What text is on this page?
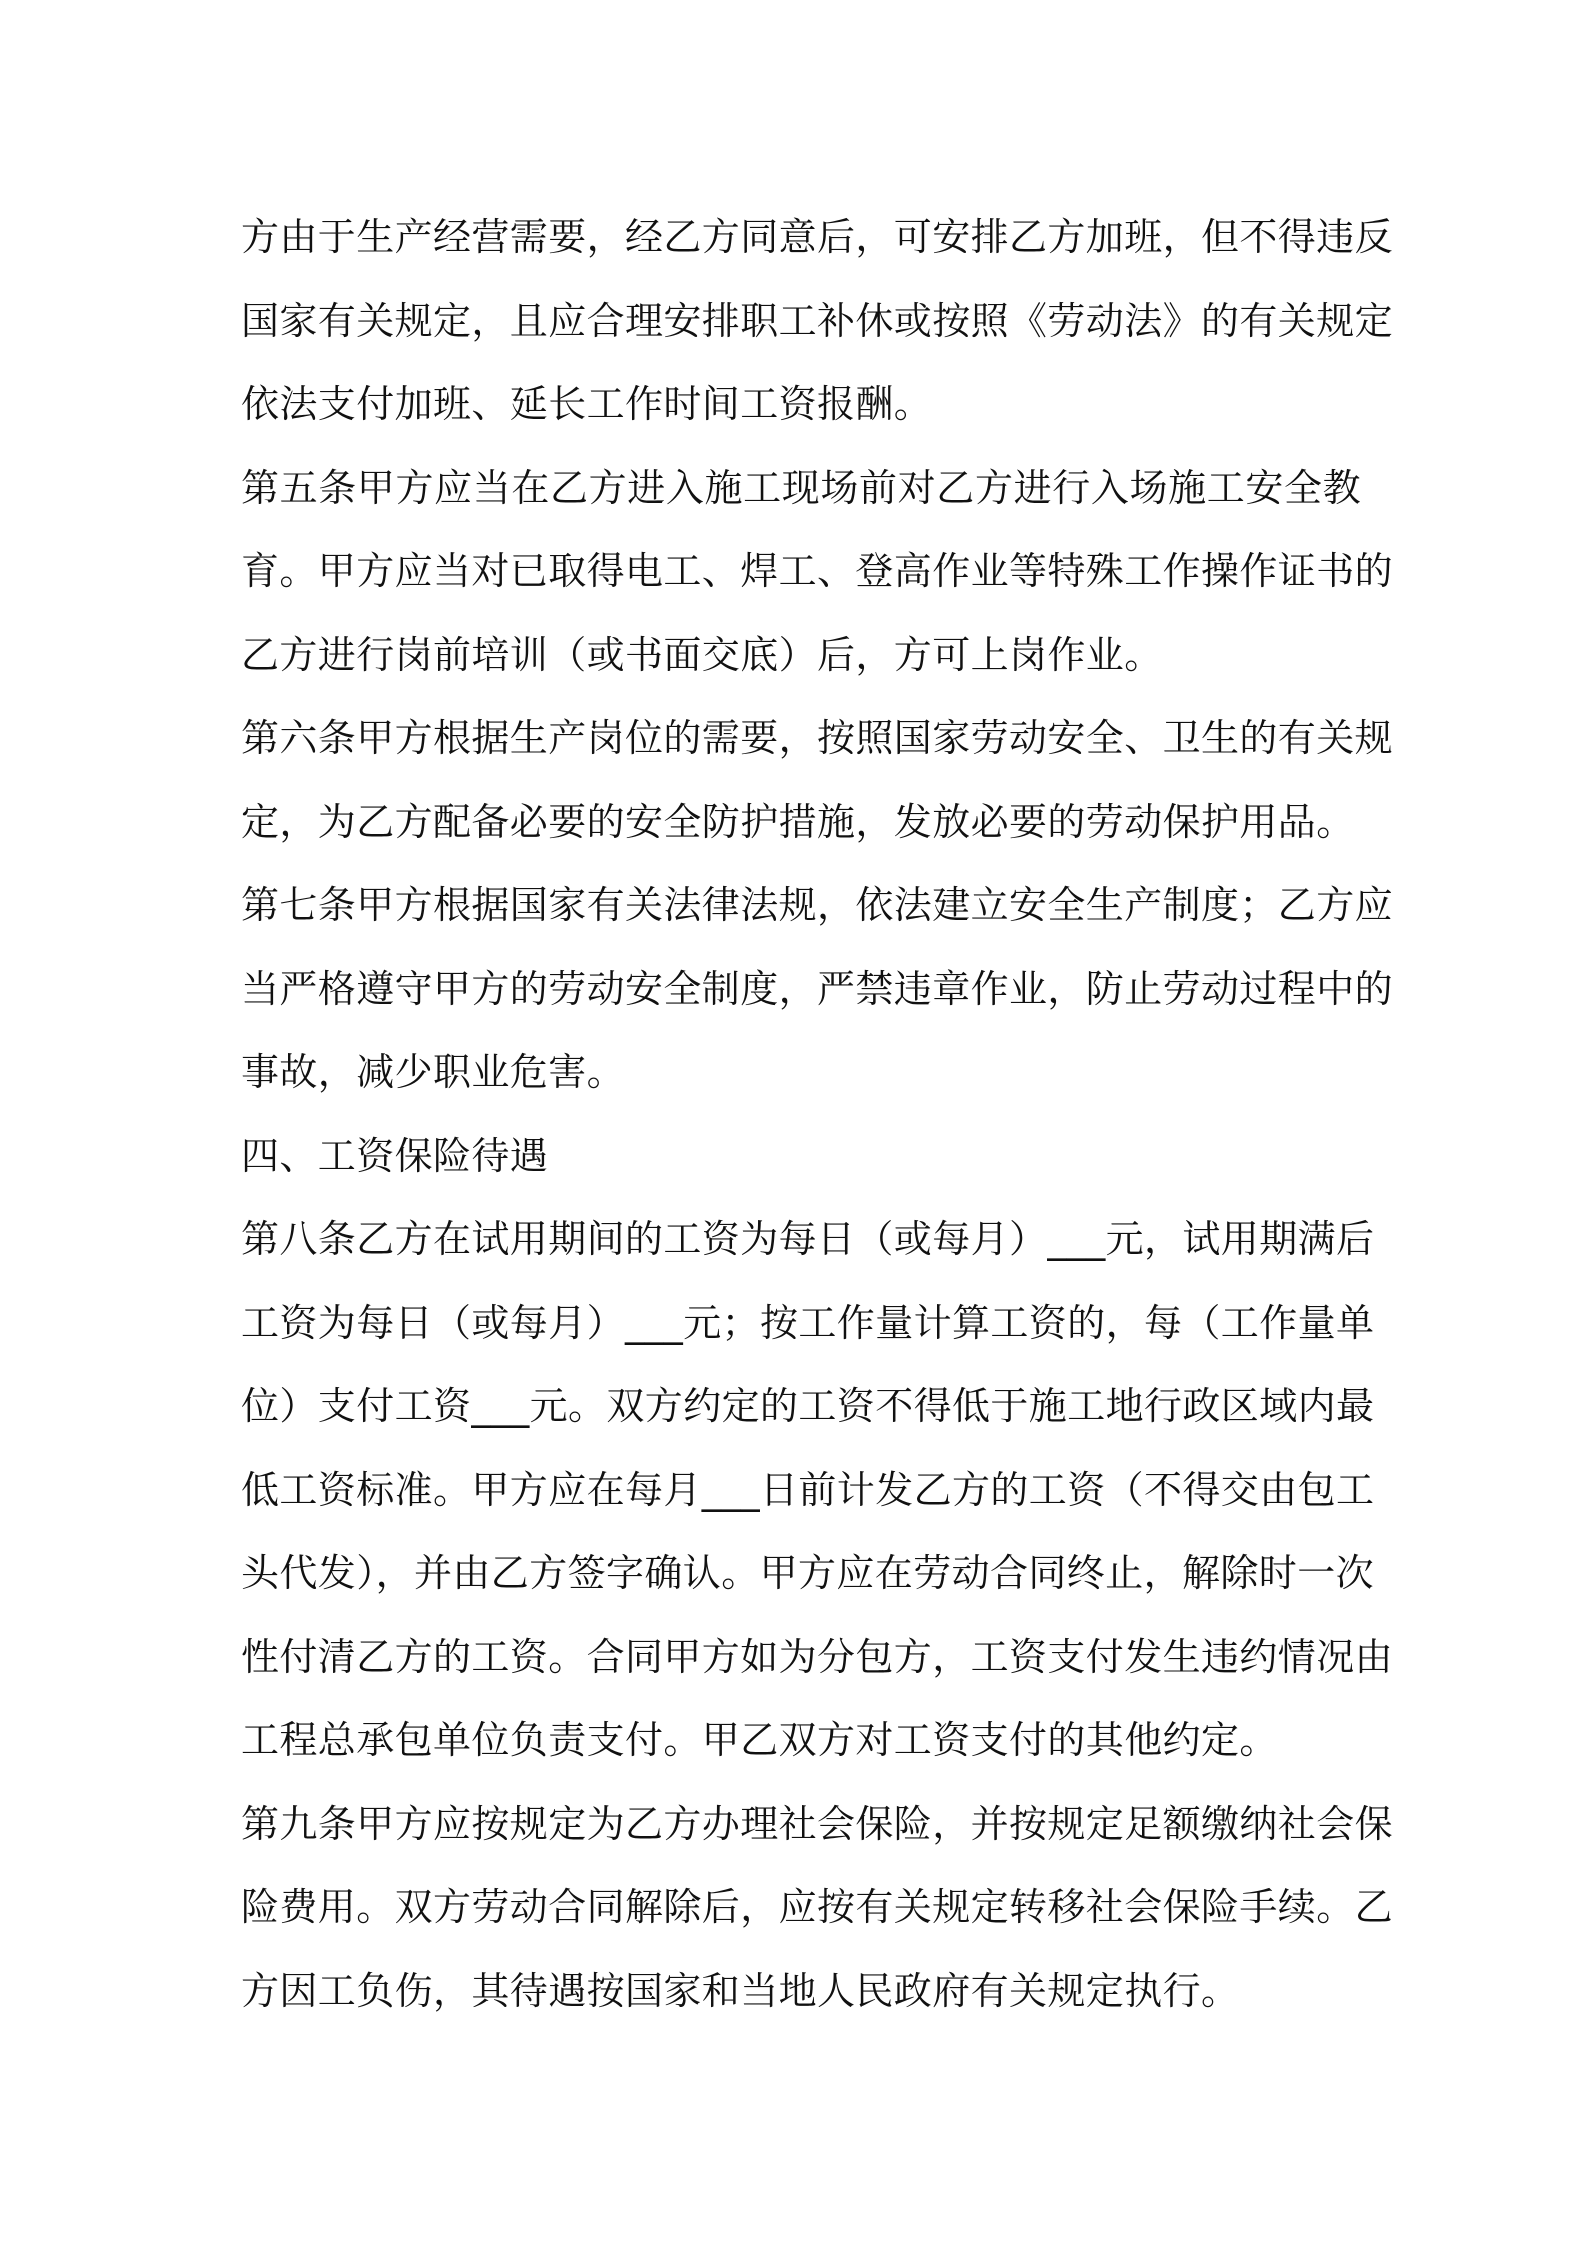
方由于生产经营需要，经乙方同意后，可安排乙方加班，但不得违反
国家有关规定，且应合理安排职工补休或按照《劳动法》的有关规定
依法支付加班、延长工作时间工资报酬。
第五条甲方应当在乙方进入施工现场前对乙方进行入场施工安全教
育。甲方应当对已取得电工、焊工、登高作业等特殊工作操作证书的
乙方进行岗前培训（或书面交底）后，方可上岗作业。
第六条甲方根据生产岗位的需要，按照国家劳动安全、卫生的有关规
定，为乙方配备必要的安全防护措施，发放必要的劳动保护用品。
第七条甲方根据国家有关法律法规，依法建立安全生产制度；乙方应
当严格遵守甲方的劳动安全制度，严禁违章作业，防止劳动过程中的
事故，减少职业危害。
四、工资保险待遇
第八条乙方在试用期间的工资为每日（或每月）___元，试用期满后
工资为每日（或每月）___元；按工作量计算工资的，每（工作量单
位）支付工资___元。双方约定的工资不得低于施工地行政区域内最
低工资标准。甲方应在每月___日前计发乙方的工资（不得交由包工
头代发），并由乙方签字确认。甲方应在劳动合同终止，解除时一次
性付清乙方的工资。合同甲方如为分包方，工资支付发生违约情况由
工程总承包单位负责支付。甲乙双方对工资支付的其他约定。
第九条甲方应按规定为乙方办理社会保险，并按规定足额缴纳社会保
险费用。双方劳动合同解除后，应按有关规定转移社会保险手续。乙
方因工负伤，其待遇按国家和当地人民政府有关规定执行。
